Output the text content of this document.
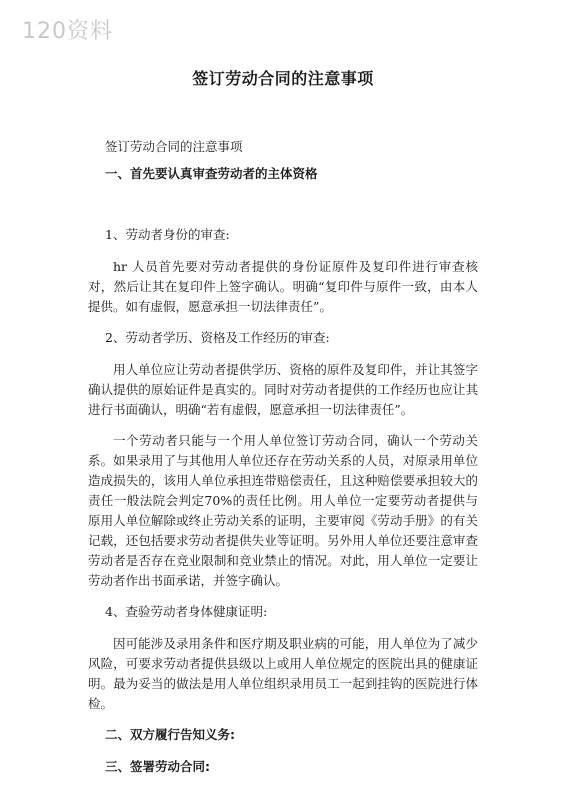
120资料
签订劳动合同的注意事项
签订劳动合同的注意事项
一、首先要认真审查劳动者的主体资格
1、劳动者身份的审查:
hr 人员首先要对劳动者提供的身份证原件及复印件进行审查核对，然后让其在复印件上签字确认。明确“复印件与原件一致，由本人提供。如有虚假，愿意承担一切法律责任”。
2、劳动者学历、资格及工作经历的审查:
用人单位应让劳动者提供学历、资格的原件及复印件，并让其签字确认提供的原始证件是真实的。同时对劳动者提供的工作经历也应让其进行书面确认，明确“若有虚假，愿意承担一切法律责任”。
一个劳动者只能与一个用人单位签订劳动合同，确认一个劳动关系。如果录用了与其他用人单位还存在劳动关系的人员，对原录用单位造成损失的，该用人单位承担连带赔偿责任，且这种赔偿要承担较大的责任一般法院会判定70%的责任比例。用人单位一定要劳动者提供与原用人单位解除或终止劳动关系的证明，主要审阅《劳动手册》的有关记载，还包括要求劳动者提供失业等证明。另外用人单位还要注意审查劳动者是否存在竞业限制和竞业禁止的情况。对此，用人单位一定要让劳动者作出书面承诺，并签字确认。
4、查验劳动者身体健康证明:
因可能涉及录用条件和医疗期及职业病的可能，用人单位为了减少风险，可要求劳动者提供县级以上或用人单位规定的医院出具的健康证明。最为妥当的做法是用人单位组织录用员工一起到挂钩的医院进行体检。
二、双方履行告知义务:
三、签署劳动合同:
